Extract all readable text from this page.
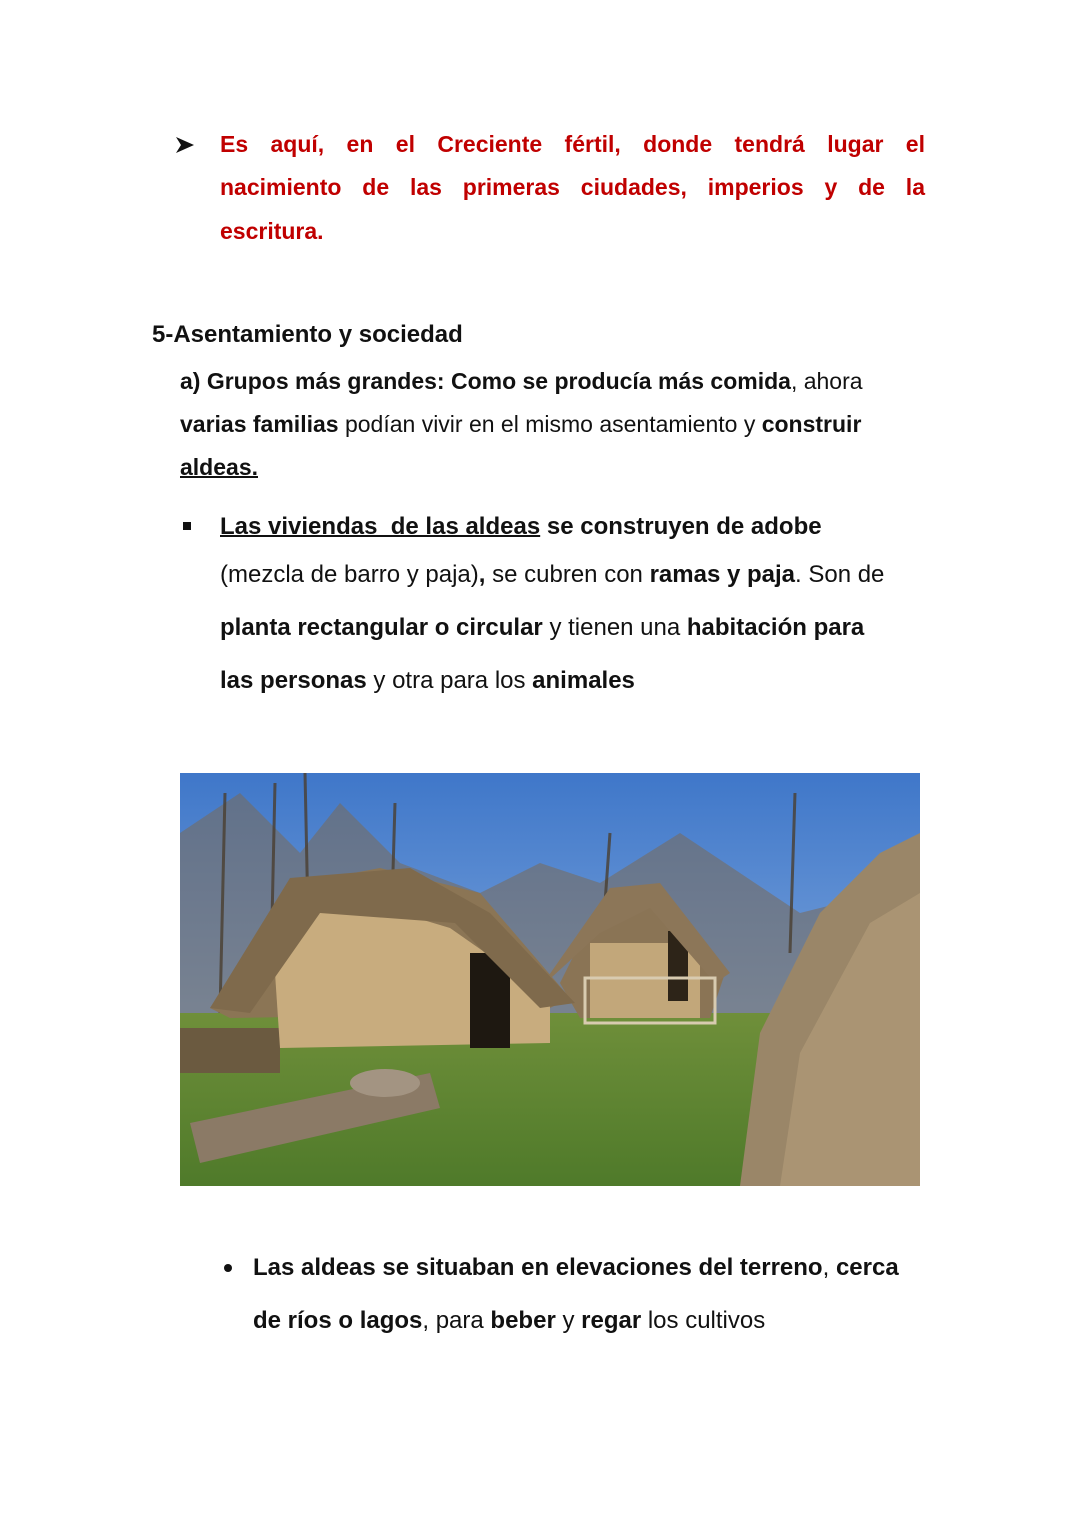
Es aquí, en el Creciente fértil, donde tendrá lugar el
nacimiento de las primeras ciudades, imperios y de la
escritura.
5-Asentamiento y sociedad
a) Grupos más grandes: Como se producía más comida, ahora
varias familias podían vivir en el mismo asentamiento y construir
aldeas.
Las viviendas  de las aldeas se construyen de adobe
(mezcla de barro y paja), se cubren con ramas y paja. Son de
planta rectangular o circular y tienen una habitación para
las personas y otra para los animales
Las aldeas se situaban en elevaciones del terreno, cerca
de ríos o lagos, para beber y regar los cultivos
